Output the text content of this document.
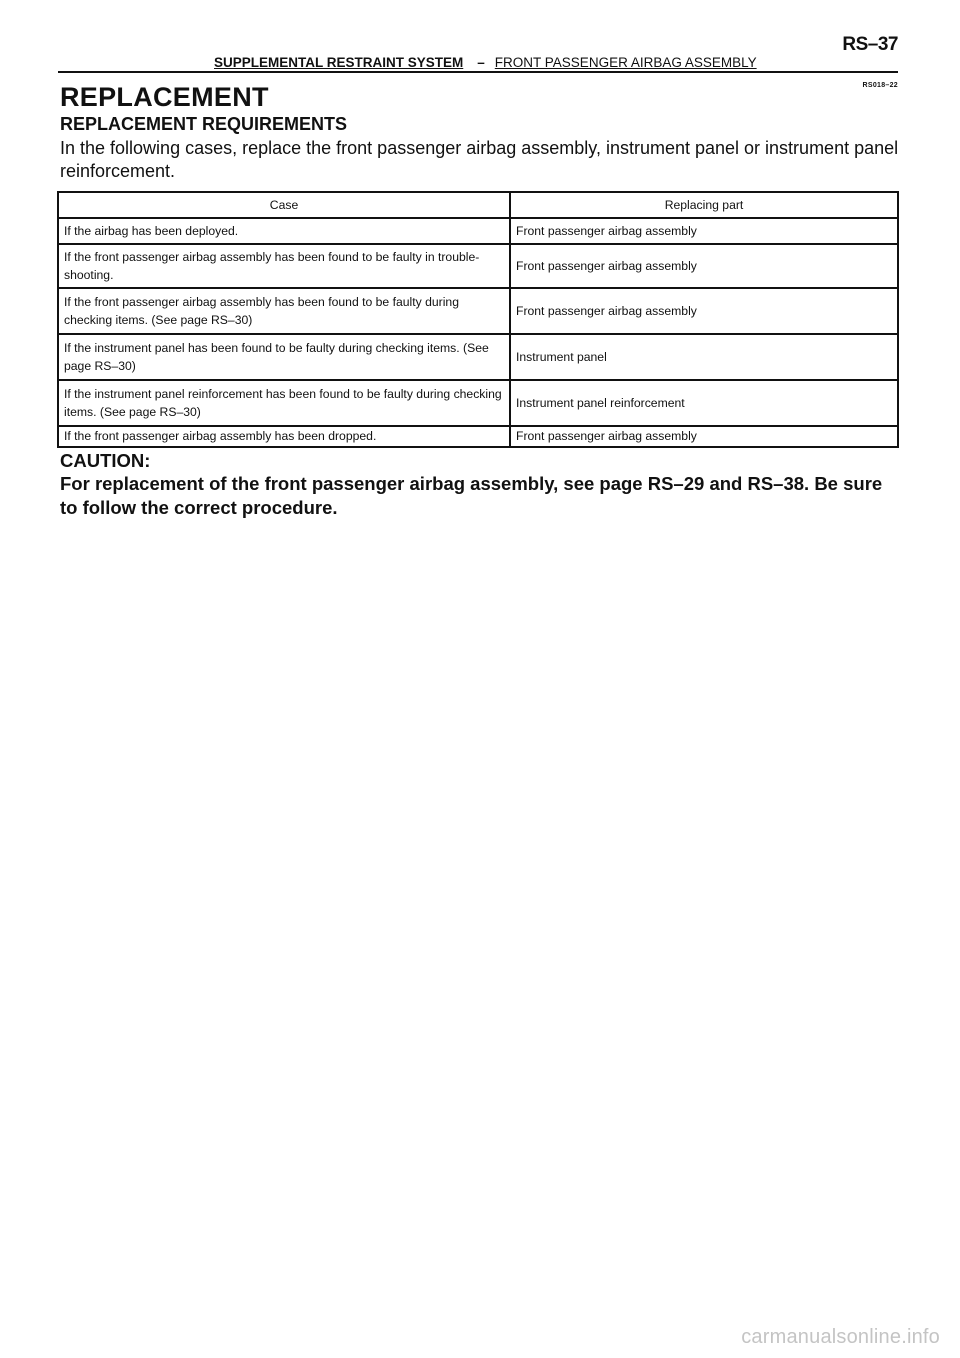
RS–37
SUPPLEMENTAL RESTRAINT SYSTEM – FRONT PASSENGER AIRBAG ASSEMBLY
RS018–22
REPLACEMENT
REPLACEMENT REQUIREMENTS
In the following cases, replace the front passenger airbag assembly, instrument panel or instrument panel reinforcement.
Case	Replacing part
If the airbag has been deployed.	Front passenger airbag assembly
If the front passenger airbag assembly has been found to be faulty in trouble-shooting.	Front passenger airbag assembly
If the front passenger airbag assembly has been found to be faulty during checking items. (See page RS–30)	Front passenger airbag assembly
If the instrument panel has been found to be faulty during checking items. (See page RS–30)	Instrument panel
If the instrument panel reinforcement has been found to be faulty during checking items. (See page RS–30)	Instrument panel reinforcement
If the front passenger airbag assembly has been dropped.	Front passenger airbag assembly
CAUTION:
For replacement of the front passenger airbag assembly, see page RS–29 and RS–38. Be sure to follow the correct procedure.
carmanualsonline.info
